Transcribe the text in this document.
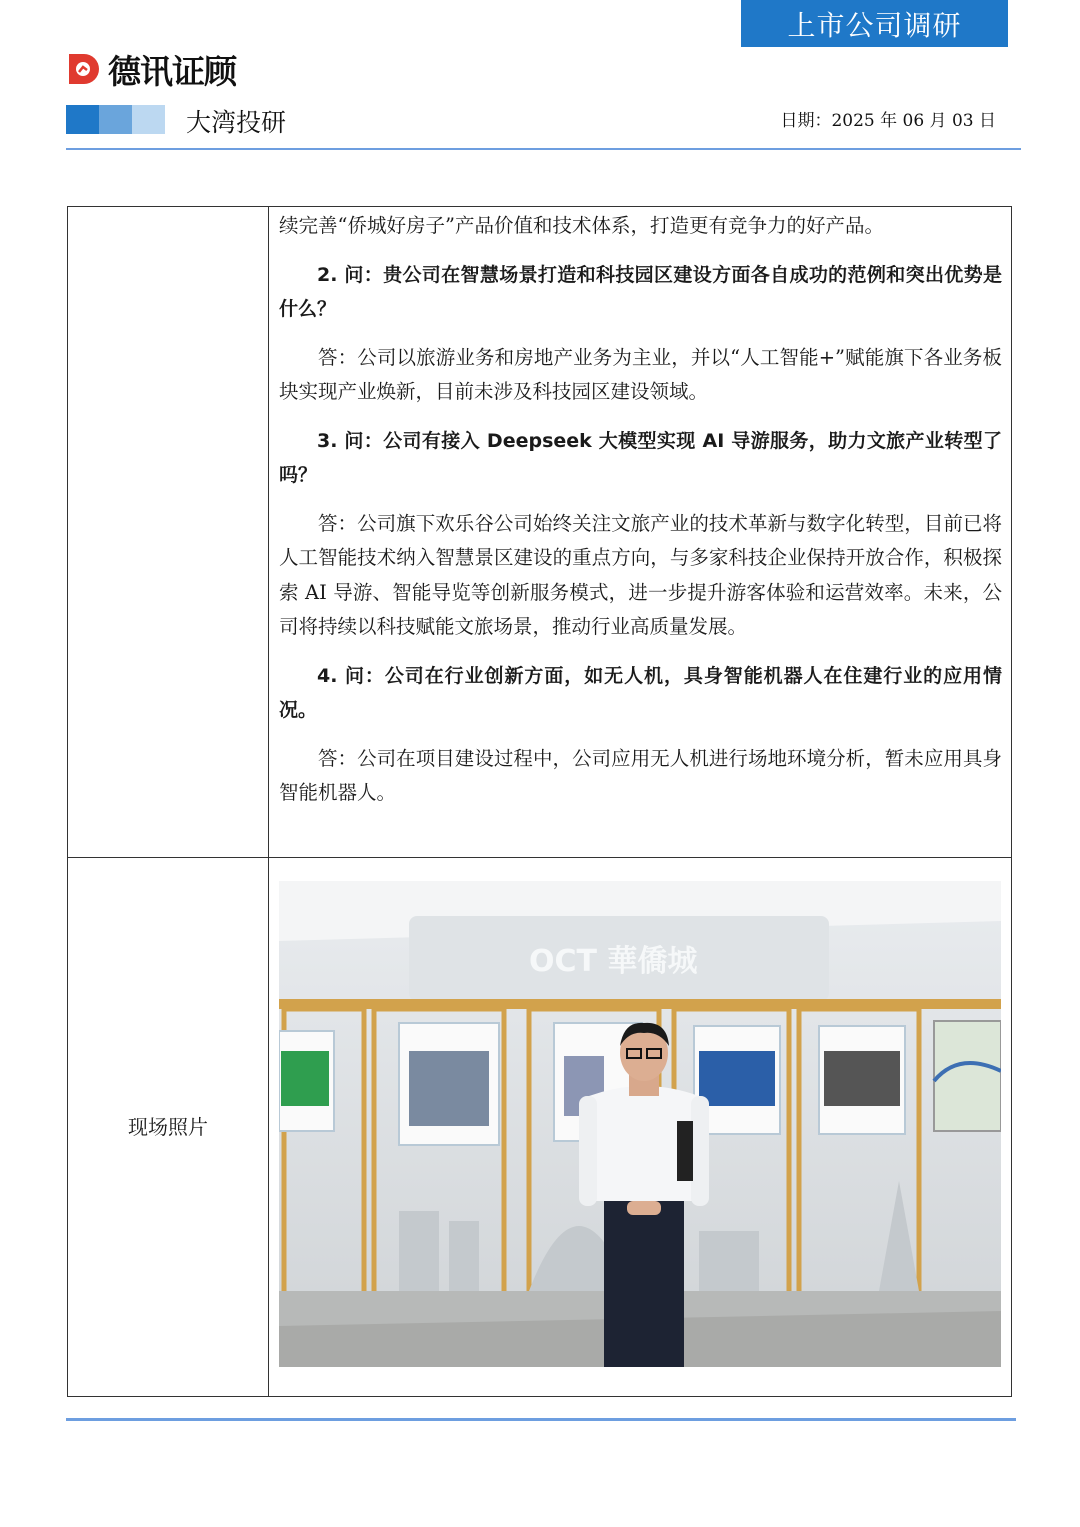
上市公司调研
德讯证顾
大湾投研	日期：2025 年 06 月 03 日

续完善“侨城好房子”产品价值和技术体系，打造更有竞争力的好产品。

2. 问：贵公司在智慧场景打造和科技园区建设方面各自成功的范例和突出优势是什么？

答：公司以旅游业务和房地产业务为主业，并以“人工智能+”赋能旗下各业务板块实现产业焕新，目前未涉及科技园区建设领域。

3. 问：公司有接入 Deepseek 大模型实现 AI 导游服务，助力文旅产业转型了吗？

答：公司旗下欢乐谷公司始终关注文旅产业的技术革新与数字化转型，目前已将人工智能技术纳入智慧景区建设的重点方向，与多家科技企业保持开放合作，积极探索 AI 导游、智能导览等创新服务模式，进一步提升游客体验和运营效率。未来，公司将持续以科技赋能文旅场景，推动行业高质量发展。

4. 问：公司在行业创新方面，如无人机，具身智能机器人在住建行业的应用情况。

答：公司在项目建设过程中，公司应用无人机进行场地环境分析，暂未应用具身智能机器人。

现场照片
OCT 華僑城
